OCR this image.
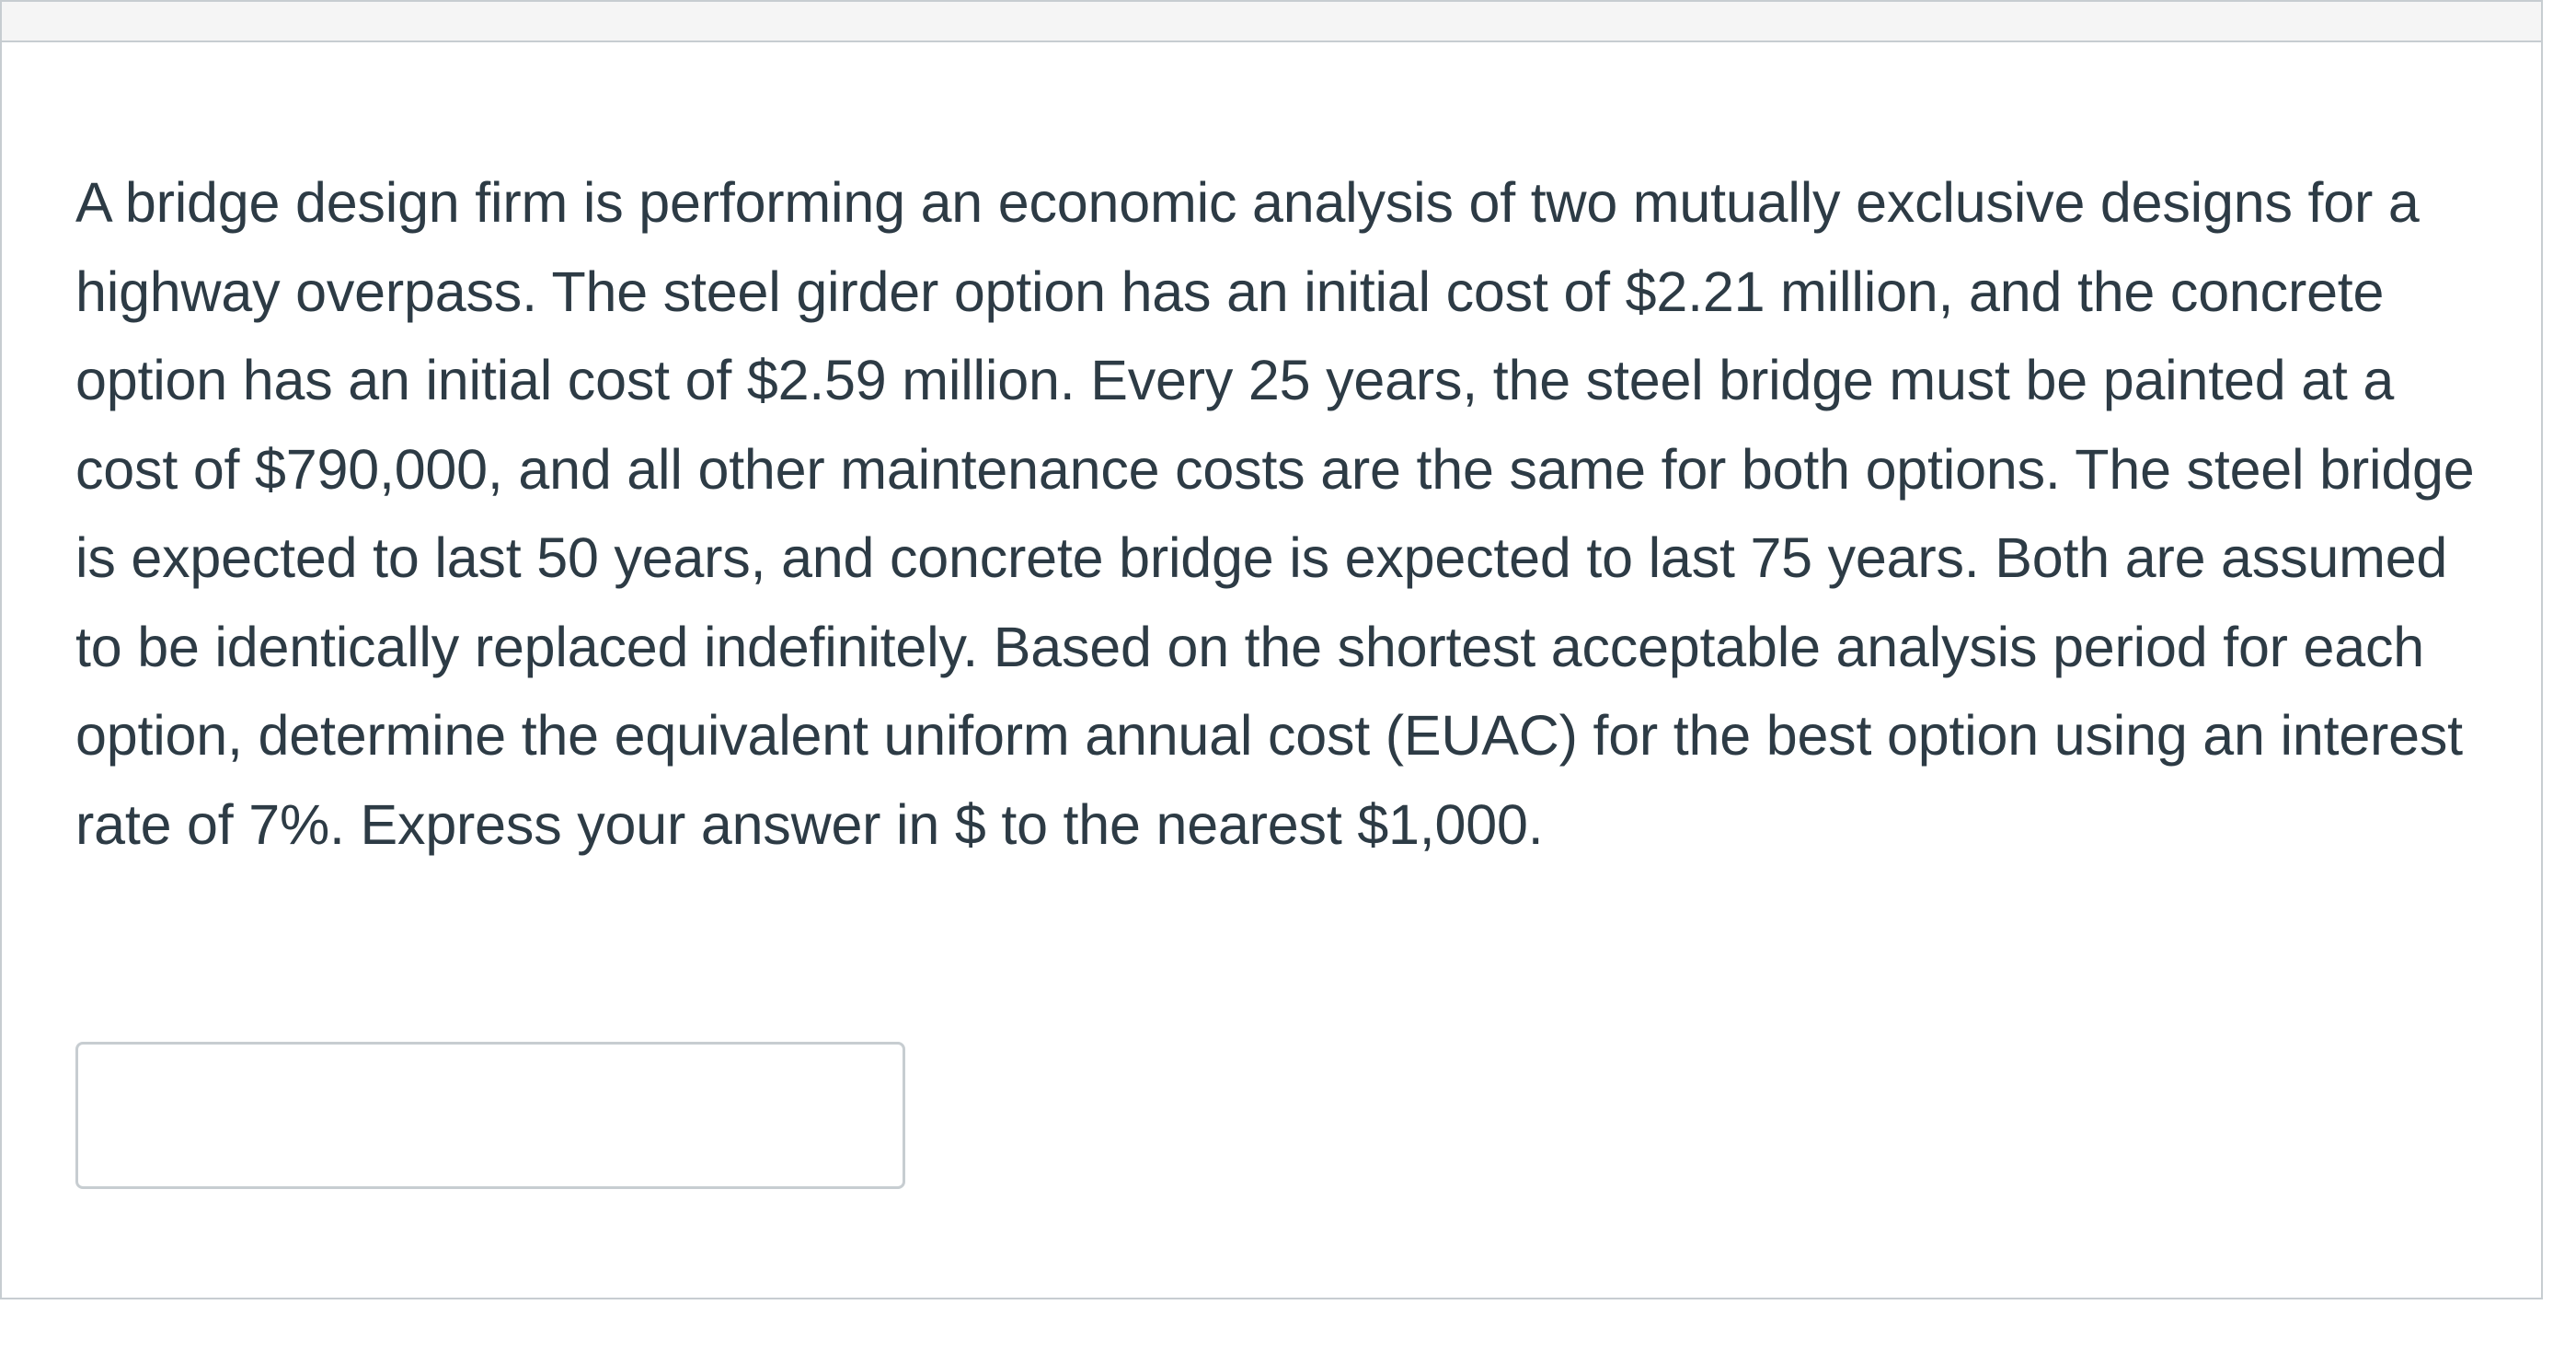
A bridge design firm is performing an economic analysis of two mutually exclusive designs for a highway overpass. The steel girder option has an initial cost of $2.21 million, and the concrete option has an initial cost of $2.59 million. Every 25 years, the steel bridge must be painted at a cost of $790,000, and all other maintenance costs are the same for both options. The steel bridge is expected to last 50 years, and concrete bridge is expected to last 75 years. Both are assumed to be identically replaced indefinitely. Based on the shortest acceptable analysis period for each option, determine the equivalent uniform annual cost (EUAC) for the best option using an interest rate of 7%. Express your answer in $ to the nearest $1,000.
